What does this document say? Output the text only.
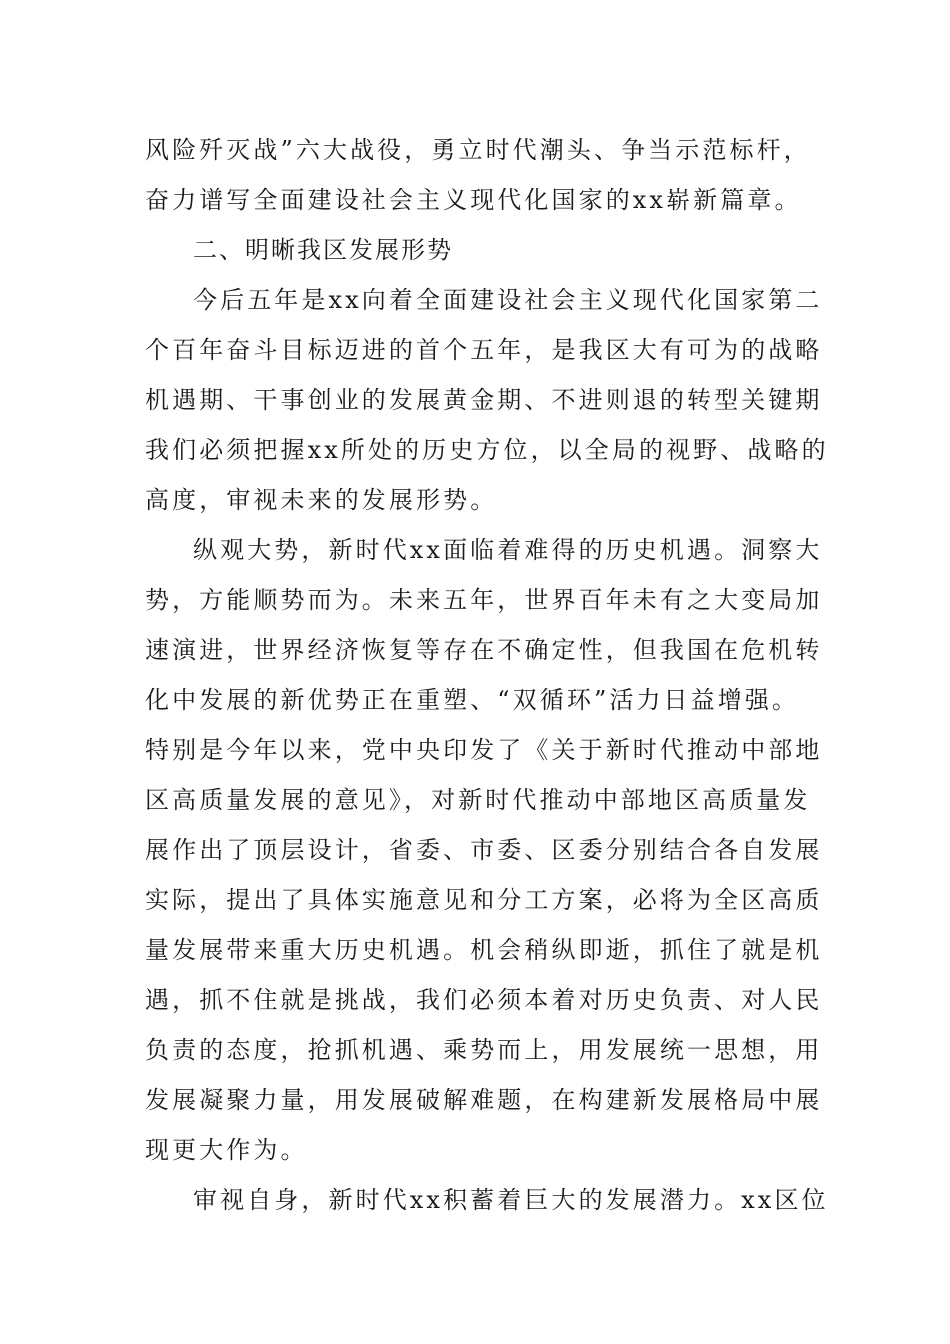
风险歼灭战”六大战役，勇立时代潮头、争当示范标杆，
奋力谱写全面建设社会主义现代化国家的xx崭新篇章。
二、明晰我区发展形势
今后五年是xx向着全面建设社会主义现代化国家第二
个百年奋斗目标迈进的首个五年，是我区大有可为的战略
机遇期、干事创业的发展黄金期、不进则退的转型关键期
我们必须把握xx所处的历史方位，以全局的视野、战略的
高度，审视未来的发展形势。
纵观大势，新时代xx面临着难得的历史机遇。洞察大
势，方能顺势而为。未来五年，世界百年未有之大变局加
速演进，世界经济恢复等存在不确定性，但我国在危机转
化中发展的新优势正在重塑、“双循环”活力日益增强。
特别是今年以来，党中央印发了《关于新时代推动中部地
区高质量发展的意见》，对新时代推动中部地区高质量发
展作出了顶层设计，省委、市委、区委分别结合各自发展
实际，提出了具体实施意见和分工方案，必将为全区高质
量发展带来重大历史机遇。机会稍纵即逝，抓住了就是机
遇，抓不住就是挑战，我们必须本着对历史负责、对人民
负责的态度，抢抓机遇、乘势而上，用发展统一思想，用
发展凝聚力量，用发展破解难题，在构建新发展格局中展
现更大作为。
审视自身，新时代xx积蓄着巨大的发展潜力。xx区位
